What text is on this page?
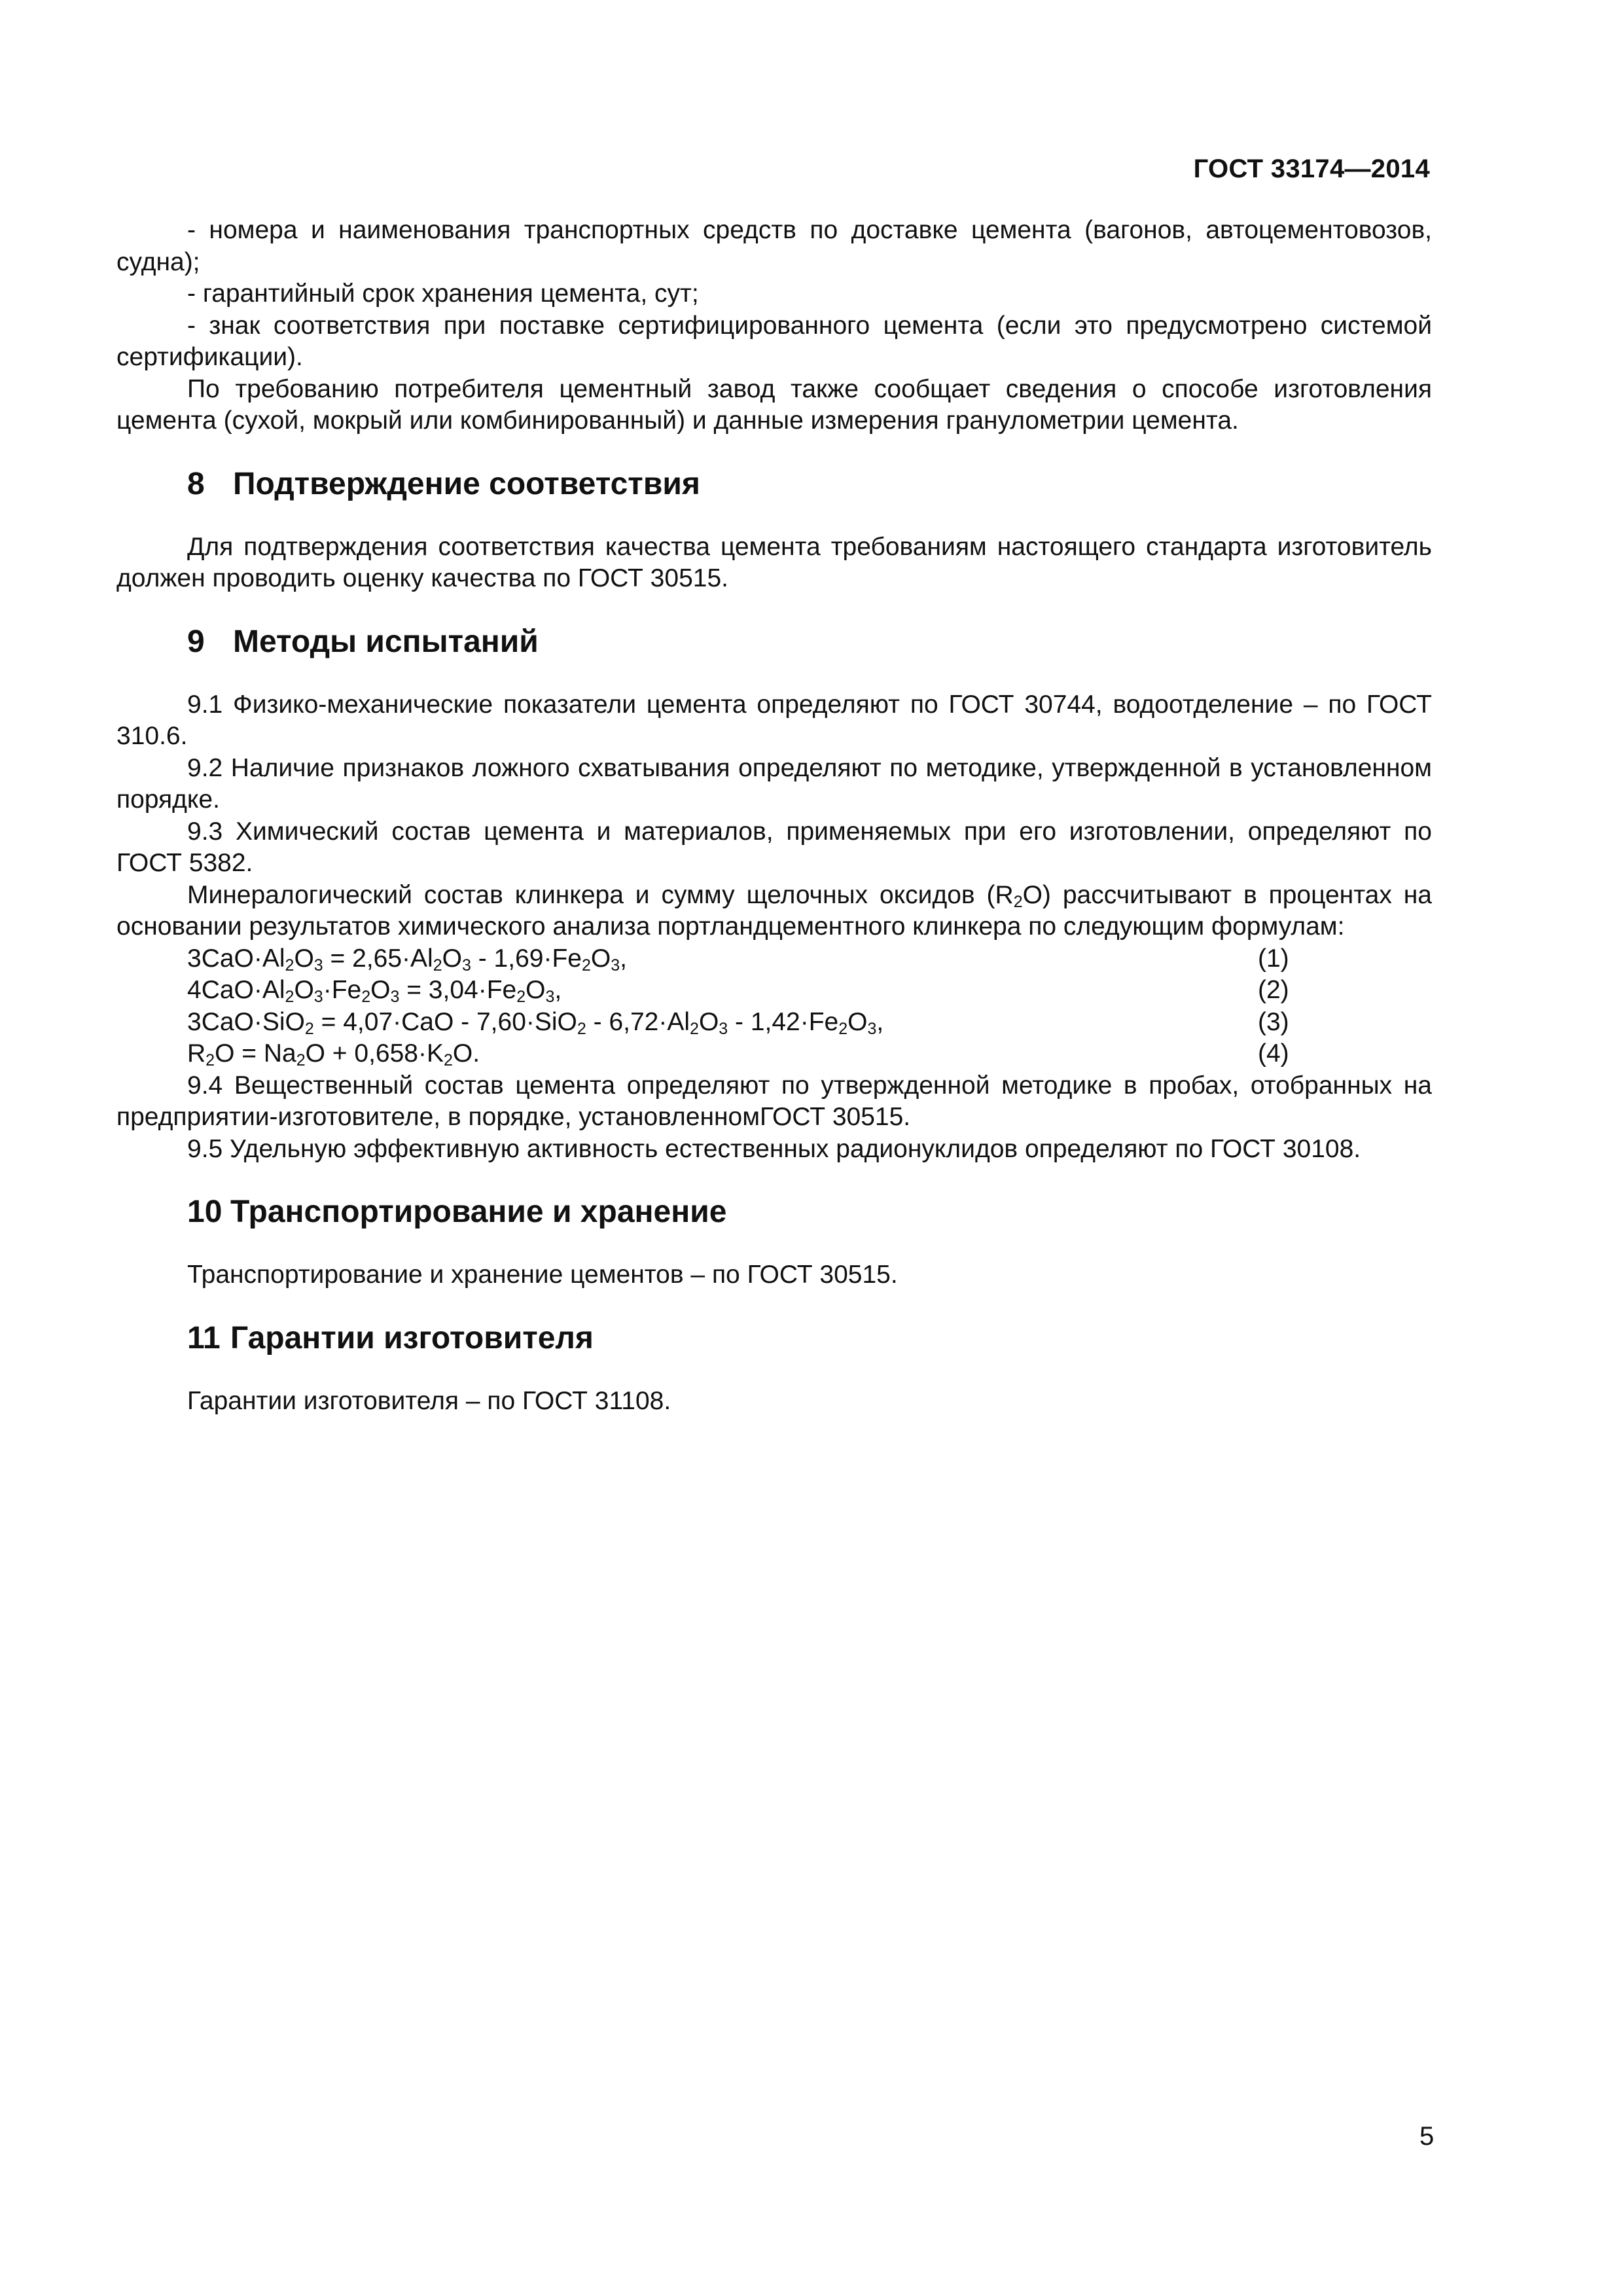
ГОСТ 33174—2014

- номера и наименования транспортных средств по доставке цемента (вагонов, автоцементовозов, судна);

- гарантийный срок хранения цемента, сут;

- знак соответствия при поставке сертифицированного цемента (если это предусмотрено системой сертификации).

По требованию потребителя цементный завод также сообщает сведения о способе изготовления цемента (сухой, мокрый или комбинированный) и данные измерения гранулометрии цемента.

8 Подтверждение соответствия

Для подтверждения соответствия качества цемента требованиям настоящего стандарта изготовитель должен проводить оценку качества по ГОСТ 30515.

9 Методы испытаний

9.1 Физико-механические показатели цемента определяют по ГОСТ 30744, водоотделение – по ГОСТ 310.6.

9.2 Наличие признаков ложного схватывания определяют по методике, утвержденной в установленном порядке.

9.3 Химический состав цемента и материалов, применяемых при его изготовлении, определяют по ГОСТ 5382.

Минералогический состав клинкера и сумму щелочных оксидов $(R_2O)$ рассчитывают в процентах на основании результатов химического анализа портландцементного клинкера по следующим формулам:

$3CaO\cdot Al_2O_3 = 2,65\cdot Al_2O_3 - 1,69\cdot Fe_2O_3$,	(1)
$4CaO\cdot Al_2O_3\cdot Fe_2O_3 = 3,04\cdot Fe_2O_3$,	(2)
$3CaO\cdot SiO_2 = 4,07\cdot CaO - 7,60\cdot SiO_2 - 6,72\cdot Al_2O_3 - 1,42\cdot Fe_2O_3$,	(3)
$R_2O = Na_2O + 0,658\cdot K_2O$.	(4)

9.4 Вещественный состав цемента определяют по утвержденной методике в пробах, отобранных на предприятии-изготовителе, в порядке, установленномГОСТ 30515.

9.5 Удельную эффективную активность естественных радионуклидов определяют по ГОСТ 30108.

10 Транспортирование и хранение

Транспортирование и хранение цементов – по ГОСТ 30515.

11 Гарантии изготовителя

Гарантии изготовителя – по ГОСТ 31108.

5
